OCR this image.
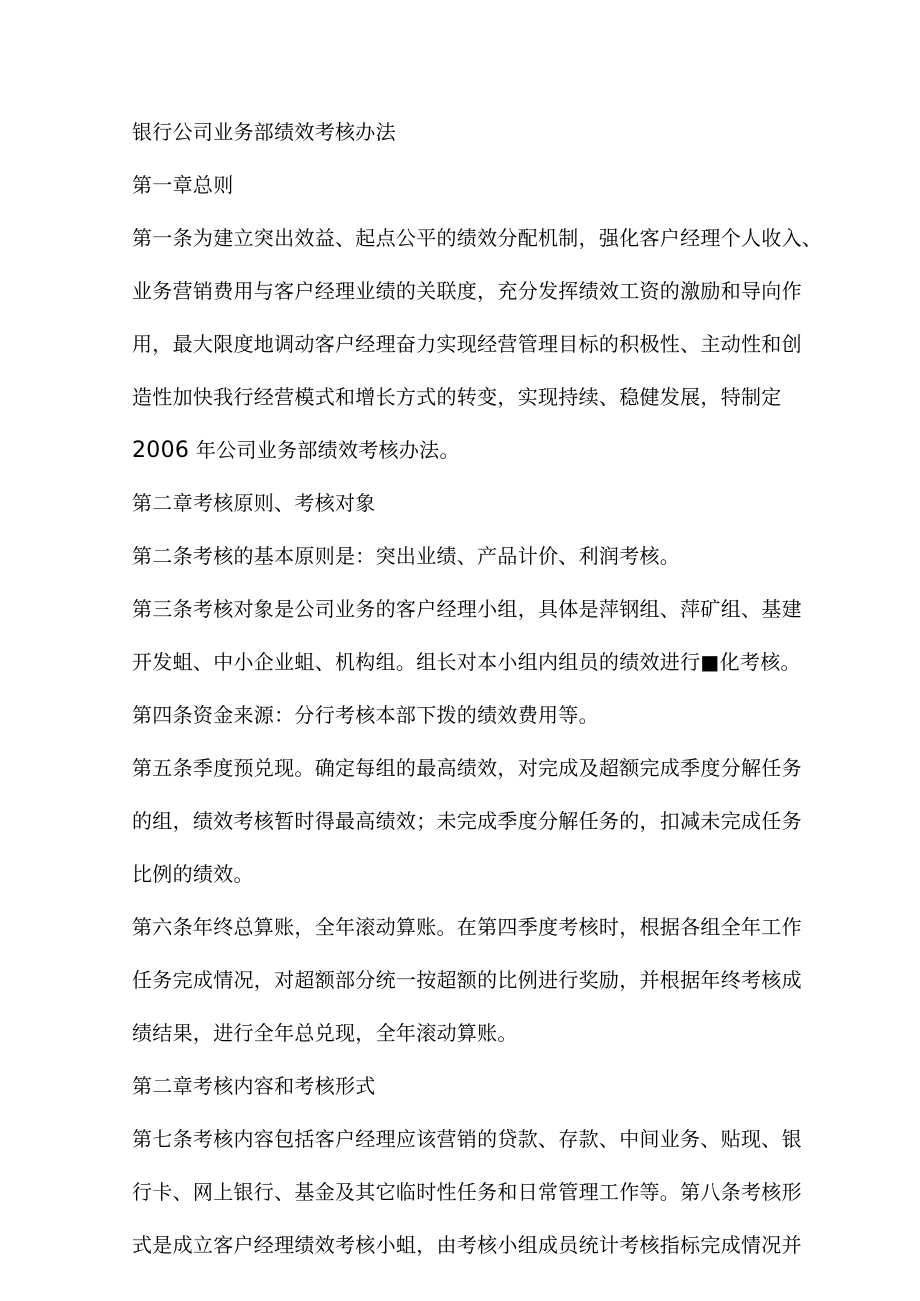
银行公司业务部绩效考核办法
第一章总则
第一条为建立突出效益、起点公平的绩效分配机制，强化客户经理个人收入、
业务营销费用与客户经理业绩的关联度，充分发挥绩效工资的激励和导向作
用，最大限度地调动客户经理奋力实现经营管理目标的积极性、主动性和创
造性加快我行经营模式和增长方式的转变，实现持续、稳健发展，特制定
2006 年公司业务部绩效考核办法。
第二章考核原则、考核对象
第二条考核的基本原则是：突出业绩、产品计价、利润考核。
第三条考核对象是公司业务的客户经理小组，具体是萍钢组、萍矿组、基建
开发蛆、中小企业蛆、机构组。组长对本小组内组员的绩效进行■化考核。
第四条资金来源：分行考核本部下拨的绩效费用等。
第五条季度预兑现。确定每组的最高绩效，对完成及超额完成季度分解任务
的组，绩效考核暂时得最高绩效；未完成季度分解任务的，扣减未完成任务
比例的绩效。
第六条年终总算账，全年滚动算账。在第四季度考核时，根据各组全年工作
任务完成情况，对超额部分统一按超额的比例进行奖励，并根据年终考核成
绩结果，进行全年总兑现，全年滚动算账。
第二章考核内容和考核形式
第七条考核内容包括客户经理应该营销的贷款、存款、中间业务、贴现、银
行卡、网上银行、基金及其它临时性任务和日常管理工作等。第八条考核形
式是成立客户经理绩效考核小蛆，由考核小组成员统计考核指标完成情况并
